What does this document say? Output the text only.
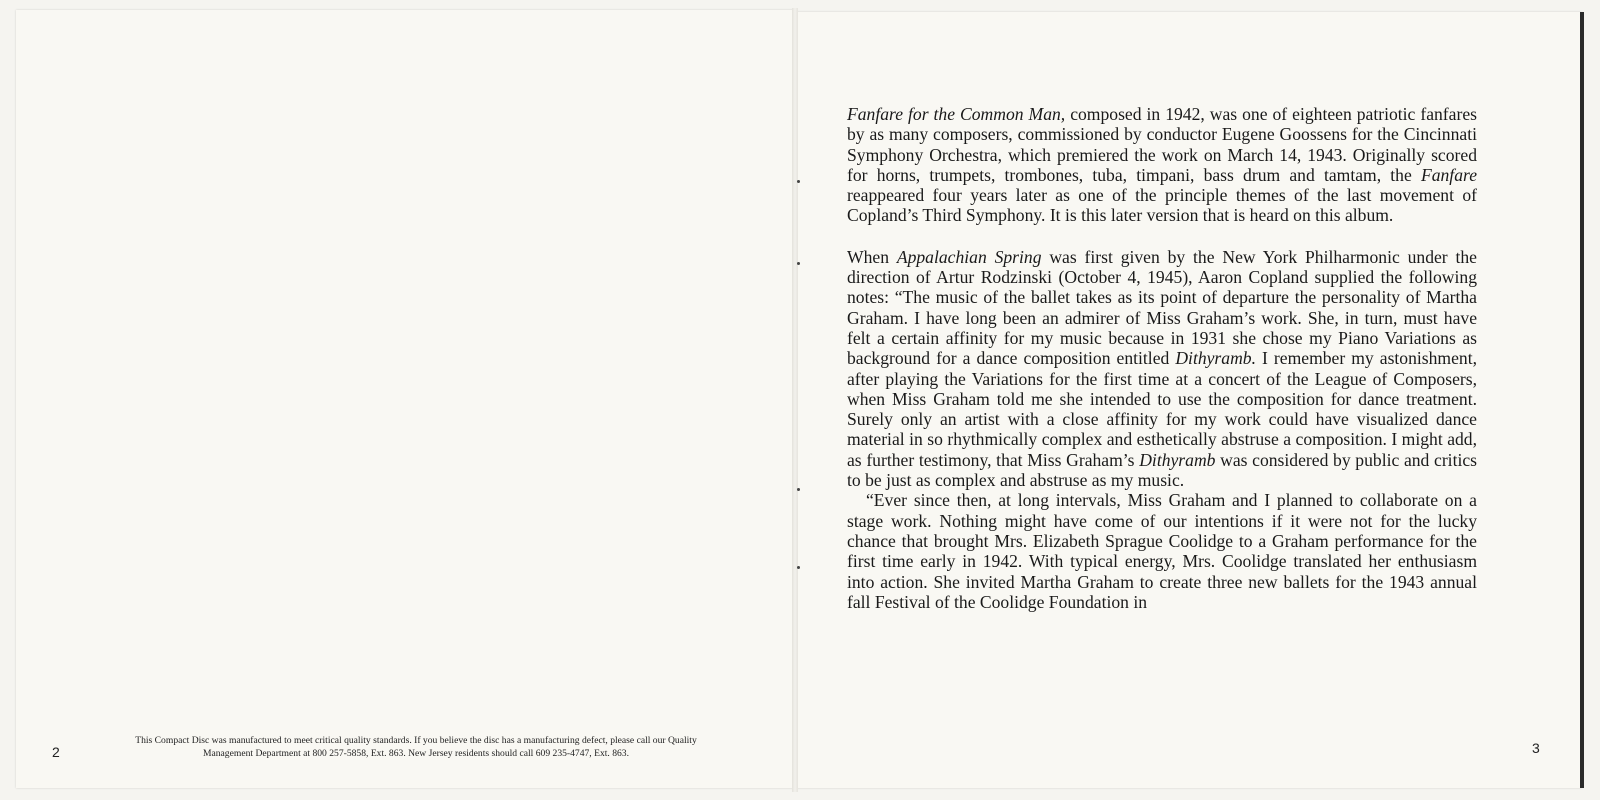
2
This Compact Disc was manufactured to meet critical quality standards. If you believe the disc has a manufacturing defect, please call our Quality
Management Department at 800 257-5858, Ext. 863. New Jersey residents should call 609 235-4747, Ext. 863.

Fanfare for the Common Man, composed in 1942, was one of eighteen patriotic fanfares by as many composers, commissioned by conductor Eugene Goossens for the Cincinnati Symphony Orchestra, which premiered the work on March 14, 1943. Originally scored for horns, trumpets, trombones, tuba, timpani, bass drum and tamtam, the Fanfare reappeared four years later as one of the principle themes of the last movement of Copland’s Third Symphony. It is this later version that is heard on this album.

When Appalachian Spring was first given by the New York Philharmonic under the direction of Artur Rodzinski (October 4, 1945), Aaron Copland supplied the following notes: “The music of the ballet takes as its point of departure the personality of Martha Graham. I have long been an admirer of Miss Graham’s work. She, in turn, must have felt a certain affinity for my music because in 1931 she chose my Piano Variations as background for a dance composition entitled Dithyramb. I remember my astonishment, after playing the Variations for the first time at a concert of the League of Composers, when Miss Graham told me she intended to use the composition for dance treatment. Surely only an artist with a close affinity for my work could have visualized dance material in so rhythmically complex and esthetically abstruse a composition. I might add, as further testimony, that Miss Graham’s Dithyramb was considered by public and critics to be just as complex and abstruse as my music.

“Ever since then, at long intervals, Miss Graham and I planned to collaborate on a stage work. Nothing might have come of our intentions if it were not for the lucky chance that brought Mrs. Elizabeth Sprague Coolidge to a Graham performance for the first time early in 1942. With typical energy, Mrs. Coolidge translated her enthusiasm into action. She invited Martha Graham to create three new ballets for the 1943 annual fall Festival of the Coolidge Foundation in

3
